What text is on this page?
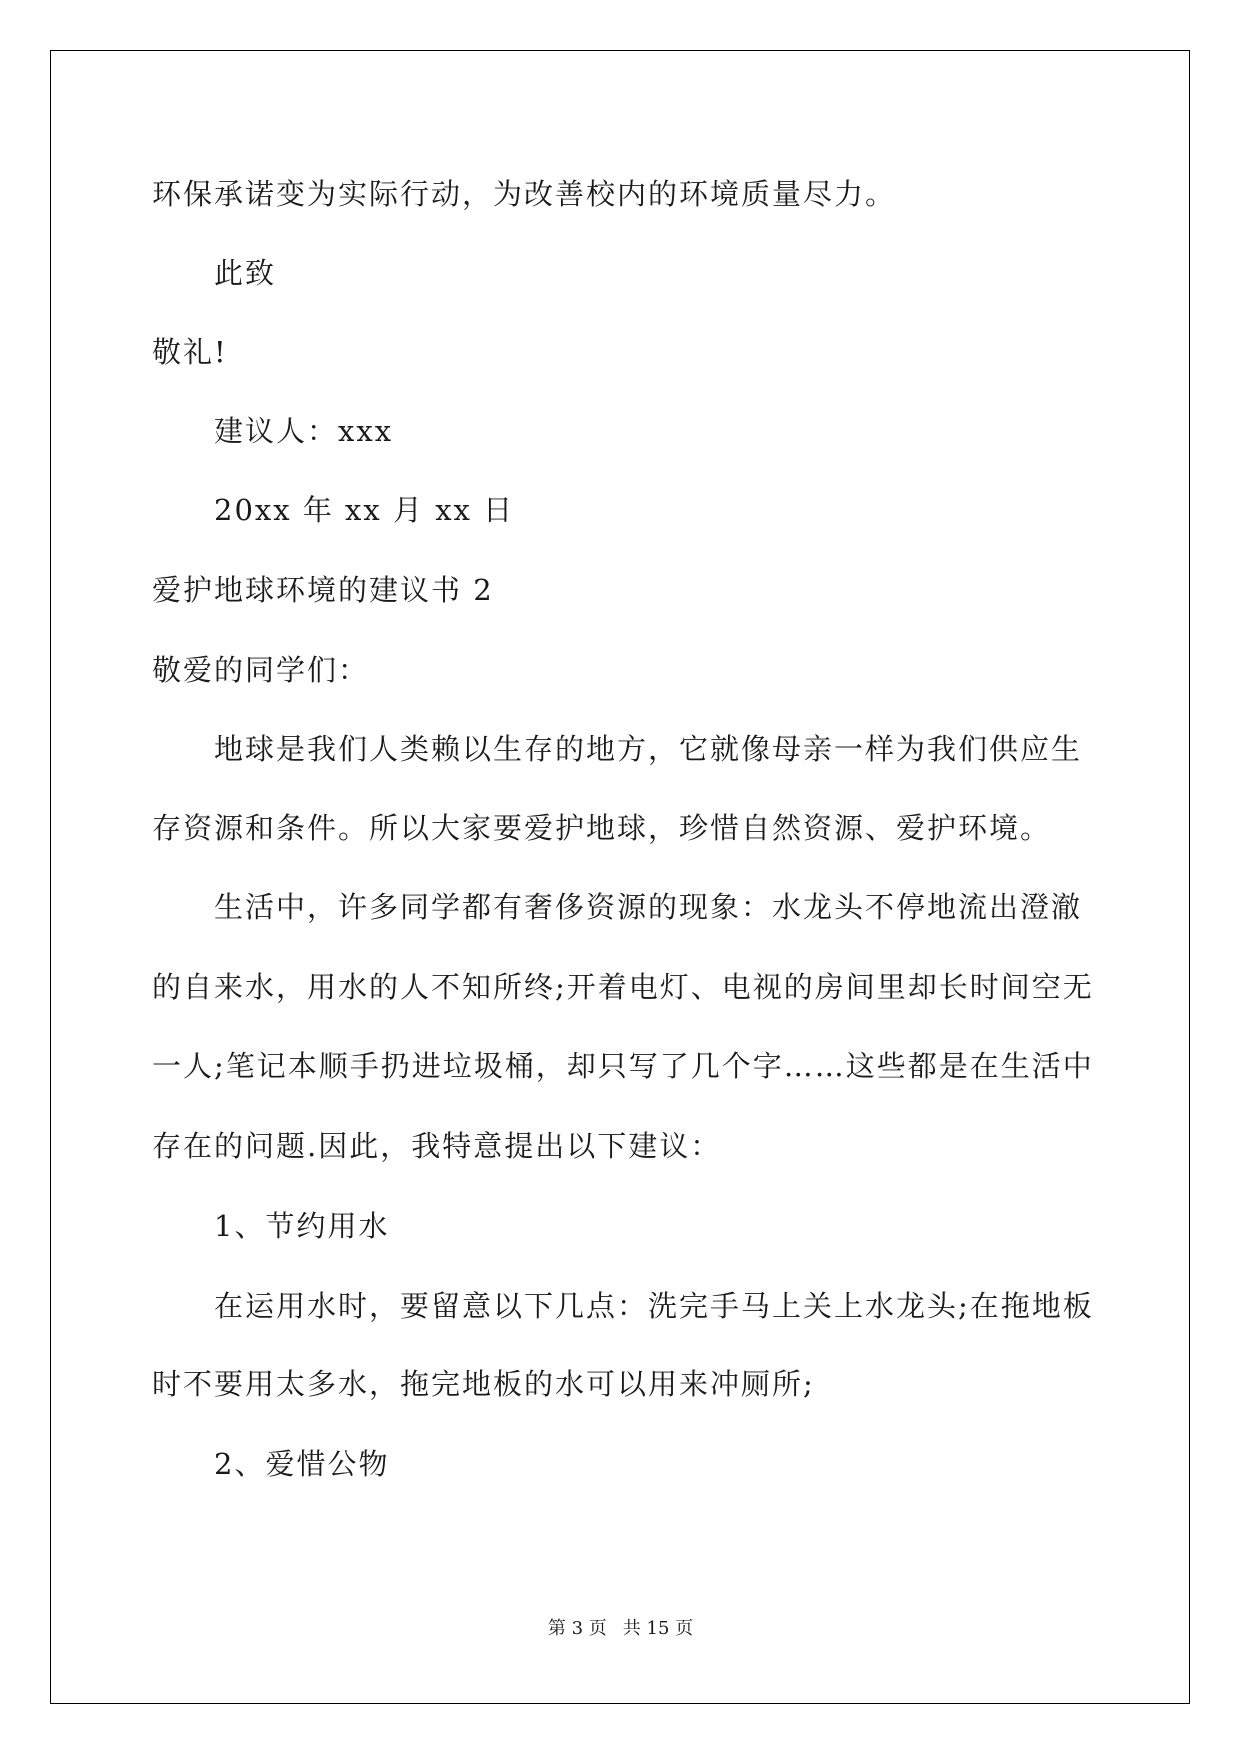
环保承诺变为实际行动，为改善校内的环境质量尽力。
此致
敬礼!
建议人：xxx
20xx 年 xx 月 xx 日
爱护地球环境的建议书 2
敬爱的同学们：
地球是我们人类赖以生存的地方，它就像母亲一样为我们供应生
存资源和条件。所以大家要爱护地球，珍惜自然资源、爱护环境。
生活中，许多同学都有奢侈资源的现象：水龙头不停地流出澄澈
的自来水，用水的人不知所终;开着电灯、电视的房间里却长时间空无
一人;笔记本顺手扔进垃圾桶，却只写了几个字……这些都是在生活中
存在的问题.因此，我特意提出以下建议：
1、节约用水
在运用水时，要留意以下几点：洗完手马上关上水龙头;在拖地板
时不要用太多水，拖完地板的水可以用来冲厕所;
2、爱惜公物
第 3 页 共 15 页
